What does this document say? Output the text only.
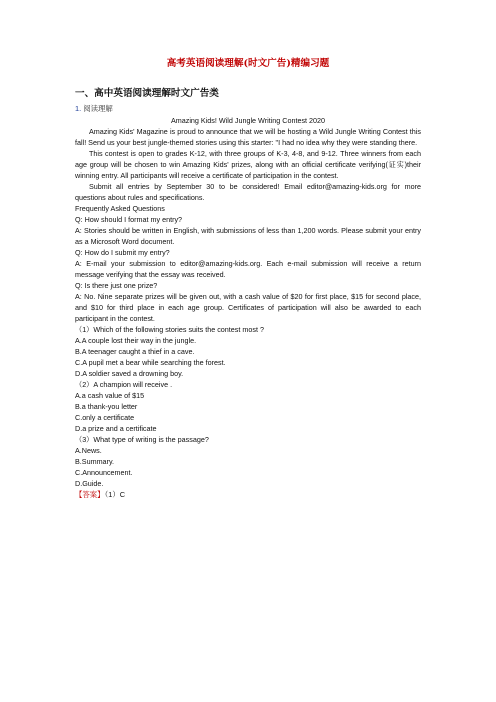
高考英语阅读理解(时文广告)精编习题
一、高中英语阅读理解时文广告类
1. 阅读理解
Amazing Kids! Wild Jungle Writing Contest 2020

Amazing Kids' Magazine is proud to announce that we will be hosting a Wild Jungle Writing Contest this fall! Send us your best jungle-themed stories using this starter: "I had no idea why they were standing there.

This contest is open to grades K-12, with three groups of K-3, 4-8, and 9-12. Three winners from each age group will be chosen to win Amazing Kids' prizes, along with an official certificate verifying(证实)their winning entry. All participants will receive a certificate of participation in the contest.

Submit all entries by September 30 to be considered! Email editor@amazing-kids.org for more questions about rules and specifications.

Frequently Asked Questions

Q: How should I format my entry?

A: Stories should be written in English, with submissions of less than 1,200 words. Please submit your entry as a Microsoft Word document.

Q: How do I submit my entry?

A: E-mail your submission to editor@amazing-kids.org. Each e-mail submission will receive a return message verifying that the essay was received.

Q: Is there just one prize?

A: No. Nine separate prizes will be given out, with a cash value of $20 for first place, $15 for second place, and $10 for third place in each age group. Certificates of participation will also be awarded to each participant in the contest.

（1）Which of the following stories suits the contest most ?

A.A couple lost their way in the jungle.

B.A teenager caught a thief in a cave.

C.A pupil met a bear while searching the forest.

D.A soldier saved a drowning boy.

（2）A champion will receive .

A.a cash value of $15

B.a thank-you letter

C.only a certificate

D.a prize and a certificate

（3）What type of writing is the passage?

A.News.

B.Summary.

C.Announcement.

D.Guide.

【答案】（1）C
